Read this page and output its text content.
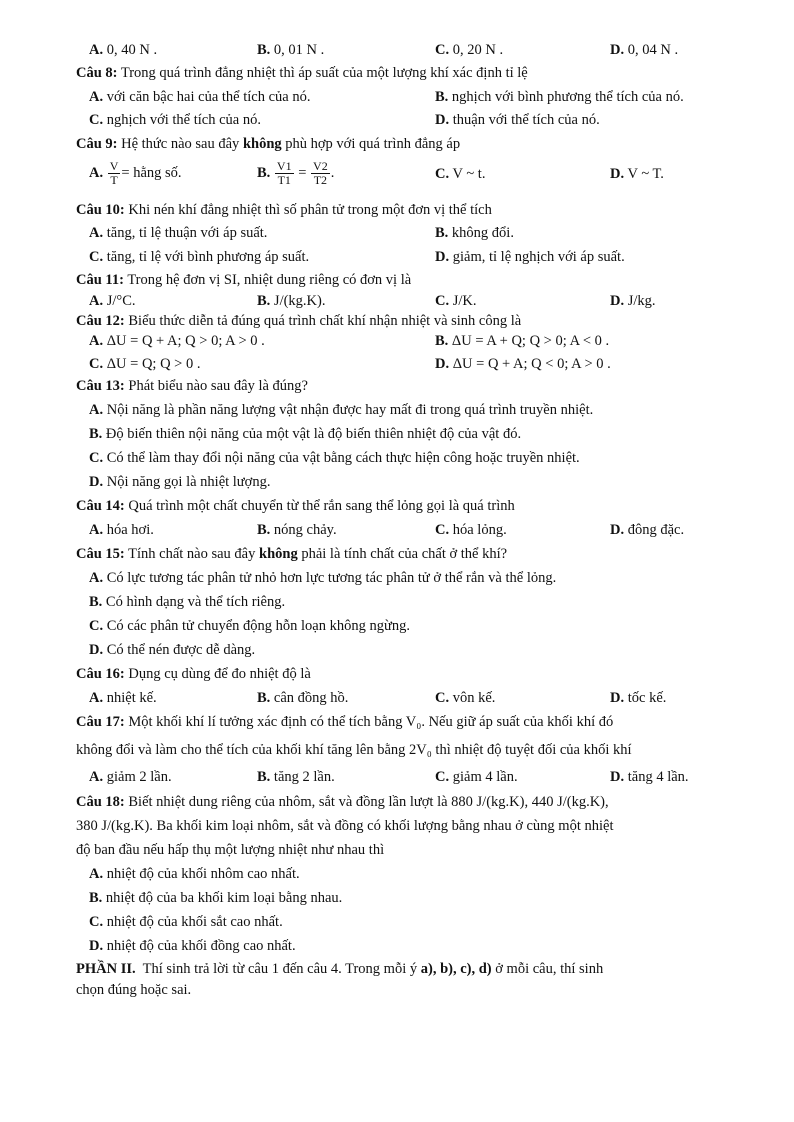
A. 0, 40 N .	B. 0, 01 N .	C. 0, 20 N .	D. 0, 04 N .
Câu 8: Trong quá trình đẳng nhiệt thì áp suất của một lượng khí xác định tỉ lệ
A. với căn bậc hai của thể tích của nó.	B. nghịch với bình phương thể tích của nó.
C. nghịch với thể tích của nó.	D. thuận với thể tích của nó.
Câu 9: Hệ thức nào sau đây không phù hợp với quá trình đẳng áp
A. $\frac{V}{T}$ = hằng số.	B. $\frac{V1}{T1} = \frac{V2}{T2}$ .	C. V ~ t.	D. V ~ T.
Câu 10: Khi nén khí đẳng nhiệt thì số phân tử trong một đơn vị thể tích
A. tăng, tỉ lệ thuận với áp suất.	B. không đổi.
C. tăng, tỉ lệ với bình phương áp suất.	D. giảm, tỉ lệ nghịch với áp suất.
Câu 11: Trong hệ đơn vị SI, nhiệt dung riêng có đơn vị là
A. J/°C.	B. J/(kg.K).	C. J/K.	D. J/kg.
Câu 12: Biểu thức diễn tả đúng quá trình chất khí nhận nhiệt và sinh công là
A. ΔU = Q + A; Q > 0; A > 0 .	B. ΔU = A + Q; Q > 0; A < 0 .
C. ΔU = Q; Q > 0 .	D. ΔU = Q + A; Q < 0; A > 0 .
Câu 13: Phát biểu nào sau đây là đúng?
A. Nội năng là phần năng lượng vật nhận được hay mất đi trong quá trình truyền nhiệt.
B. Độ biến thiên nội năng của một vật là độ biến thiên nhiệt độ của vật đó.
C. Có thể làm thay đổi nội năng của vật bằng cách thực hiện công hoặc truyền nhiệt.
D. Nội năng gọi là nhiệt lượng.
Câu 14: Quá trình một chất chuyển từ thể rắn sang thể lỏng gọi là quá trình
A. hóa hơi.	B. nóng chảy.	C. hóa lỏng.	D. đông đặc.
Câu 15: Tính chất nào sau đây không phải là tính chất của chất ở thể khí?
A. Có lực tương tác phân tử nhỏ hơn lực tương tác phân tử ở thể rắn và thể lỏng.
B. Có hình dạng và thể tích riêng.
C. Có các phân tử chuyển động hỗn loạn không ngừng.
D. Có thể nén được dễ dàng.
Câu 16: Dụng cụ dùng để đo nhiệt độ là
A. nhiệt kế.	B. cân đồng hồ.	C. vôn kế.	D. tốc kế.
Câu 17: Một khối khí lí tưởng xác định có thể tích bằng V₀. Nếu giữ áp suất của khối khí đó
không đổi và làm cho thể tích của khối khí tăng lên bằng 2V₀ thì nhiệt độ tuyệt đối của khối khí
A. giảm 2 lần.	B. tăng 2 lần.	C. giảm 4 lần.	D. tăng 4 lần.
Câu 18: Biết nhiệt dung riêng của nhôm, sắt và đồng lần lượt là 880 J/(kg.K), 440 J/(kg.K),
380 J/(kg.K). Ba khối kim loại nhôm, sắt và đồng có khối lượng bằng nhau ở cùng một nhiệt
độ ban đầu nếu hấp thụ một lượng nhiệt như nhau thì
A. nhiệt độ của khối nhôm cao nhất.
B. nhiệt độ của ba khối kim loại bằng nhau.
C. nhiệt độ của khối sắt cao nhất.
D. nhiệt độ của khối đồng cao nhất.
PHẦN II. Thí sinh trả lời từ câu 1 đến câu 4. Trong mỗi ý a), b), c), d) ở mỗi câu, thí sinh
chọn đúng hoặc sai.
